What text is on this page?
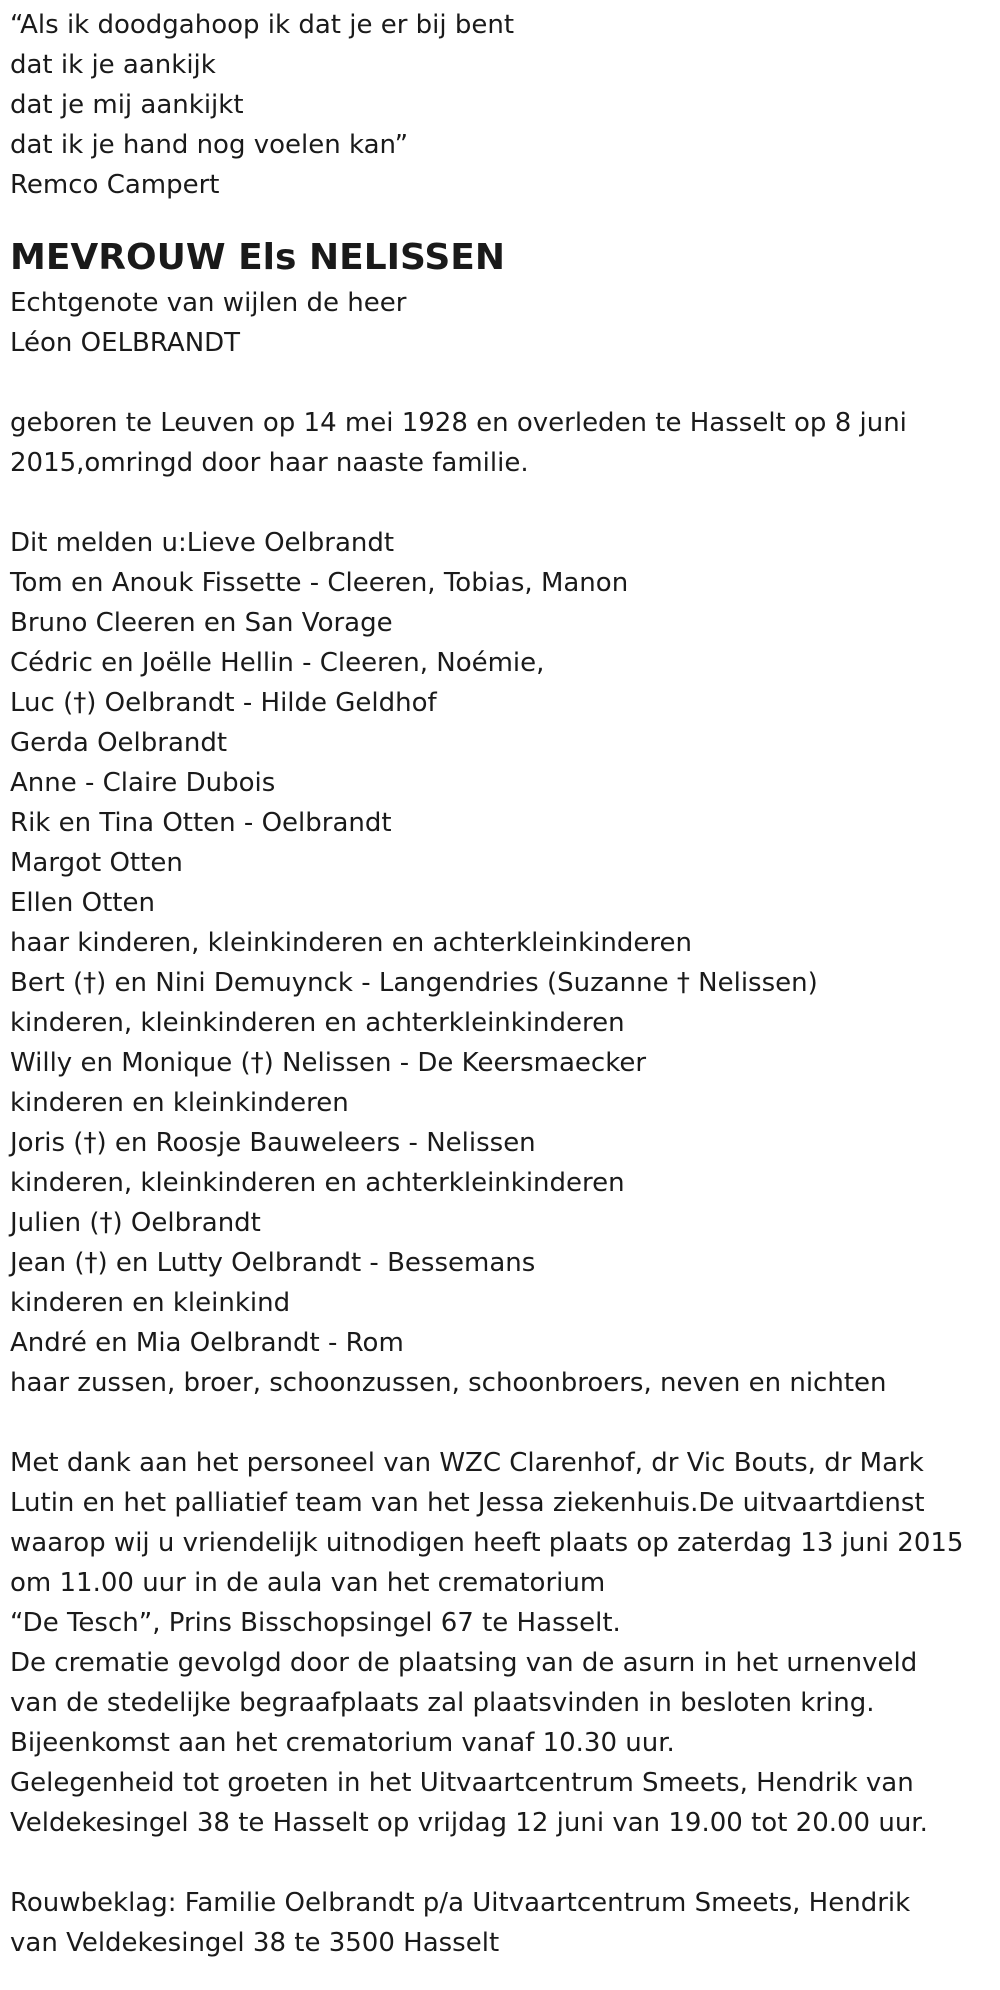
“Als ik doodgahoop ik dat je er bij bent

dat ik je aankijk

dat je mij aankijkt

dat ik je hand nog voelen kan”

Remco Campert

MEVROUW Els NELISSEN

Echtgenote van wijlen de heer

Léon OELBRANDT

geboren te Leuven op 14 mei 1928 en overleden te Hasselt op 8 juni

2015,omringd door haar naaste familie.

Dit melden u:Lieve Oelbrandt

Tom en Anouk Fissette - Cleeren, Tobias, Manon

Bruno Cleeren en San Vorage

Cédric en Joëlle Hellin - Cleeren, Noémie,

Luc (†) Oelbrandt - Hilde Geldhof

Gerda Oelbrandt

Anne - Claire Dubois

Rik en Tina Otten - Oelbrandt

Margot Otten

Ellen Otten

haar kinderen, kleinkinderen en achterkleinkinderen

Bert (†) en Nini Demuynck - Langendries (Suzanne † Nelissen)

kinderen, kleinkinderen en achterkleinkinderen

Willy en Monique (†) Nelissen - De Keersmaecker

kinderen en kleinkinderen

Joris (†) en Roosje Bauweleers - Nelissen

kinderen, kleinkinderen en achterkleinkinderen

Julien (†) Oelbrandt

Jean (†) en Lutty Oelbrandt - Bessemans

kinderen en kleinkind

André en Mia Oelbrandt - Rom

haar zussen, broer, schoonzussen, schoonbroers, neven en nichten

Met dank aan het personeel van WZC Clarenhof, dr Vic Bouts, dr Mark

Lutin en het palliatief team van het Jessa ziekenhuis.De uitvaartdienst

waarop wij u vriendelijk uitnodigen heeft plaats op zaterdag 13 juni 2015

om 11.00 uur in de aula van het crematorium

“De Tesch”, Prins Bisschopsingel 67 te Hasselt.

De crematie gevolgd door de plaatsing van de asurn in het urnenveld

van de stedelijke begraafplaats zal plaatsvinden in besloten kring.

Bijeenkomst aan het crematorium vanaf 10.30 uur.

Gelegenheid tot groeten in het Uitvaartcentrum Smeets, Hendrik van

Veldekesingel 38 te Hasselt op vrijdag 12 juni van 19.00 tot 20.00 uur.

Rouwbeklag: Familie Oelbrandt p/a Uitvaartcentrum Smeets, Hendrik

van Veldekesingel 38 te 3500 Hasselt
